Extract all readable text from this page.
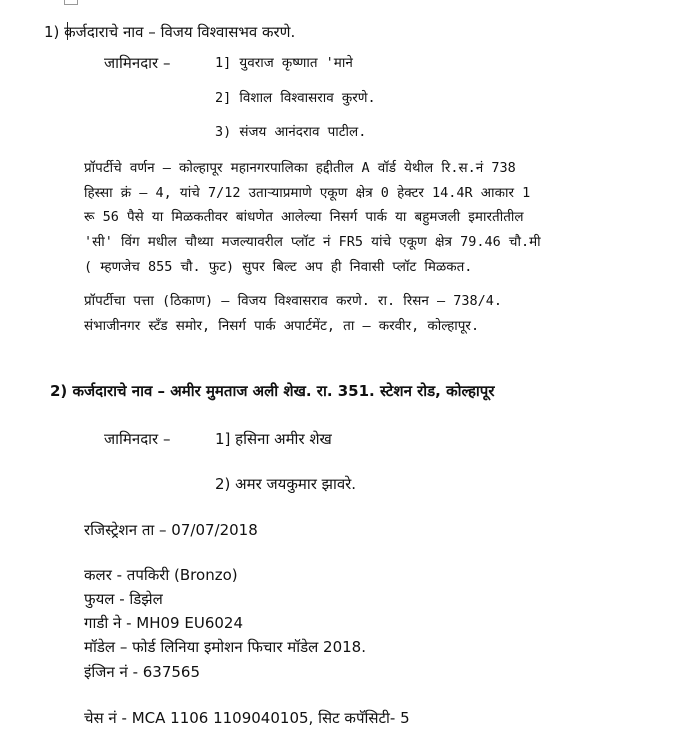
1) कर्जदाराचे नाव – विजय विश्वासभव करणे.
जामिनदार –	1] युवराज कृष्णात 'माने
2] विशाल विश्वासराव कुरणे.
3) संजय आनंदराव पाटील.
प्रॉपर्टीचे वर्णन – कोल्हापूर महानगरपालिका हद्दीतील A वॉर्ड येथील रि.स.नं 738
हिस्सा क्रं – 4, यांचे 7/12 उताऱ्याप्रमाणे एकूण क्षेत्र 0 हेक्टर 14.4R आकार 1
रू 56 पैसे या मिळकतीवर बांधणेत आलेल्या निसर्ग पार्क या बहुमजली इमारतीतील
'सी' विंग मधील चौथ्या मजल्यावरील प्लॉट नं FR5 यांचे एकूण क्षेत्र 79.46 चौ.मी
( म्हणजेच 855 चौ. फुट) सुपर बिल्ट अप ही निवासी प्लॉट मिळकत.
प्रॉपर्टीचा पत्ता (ठिकाण) – विजय विश्वासराव करणे. रा. रिसन – 738/4.
संभाजीनगर स्टॅंड समोर, निसर्ग पार्क अपार्टमेंट, ता – करवीर, कोल्हापूर.
2) कर्जदाराचे नाव – अमीर मुमताज अली शेख. रा. 351. स्टेशन रोड, कोल्हापूर
जामिनदार –	1] हसिना अमीर शेख
2) अमर जयकुमार झावरे.
रजिस्ट्रेशन ता – 07/07/2018
कलर - तपकिरी (Bronzo)
फुयल - डिझेल
गाडी ने - MH09 EU6024
मॉडेल – फोर्ड लिनिया इमोशन फिचार मॉडेल 2018.
इंजिन नं - 637565
चेस नं - MCA 1106 1109040105, सिट कपॅसिटी- 5
